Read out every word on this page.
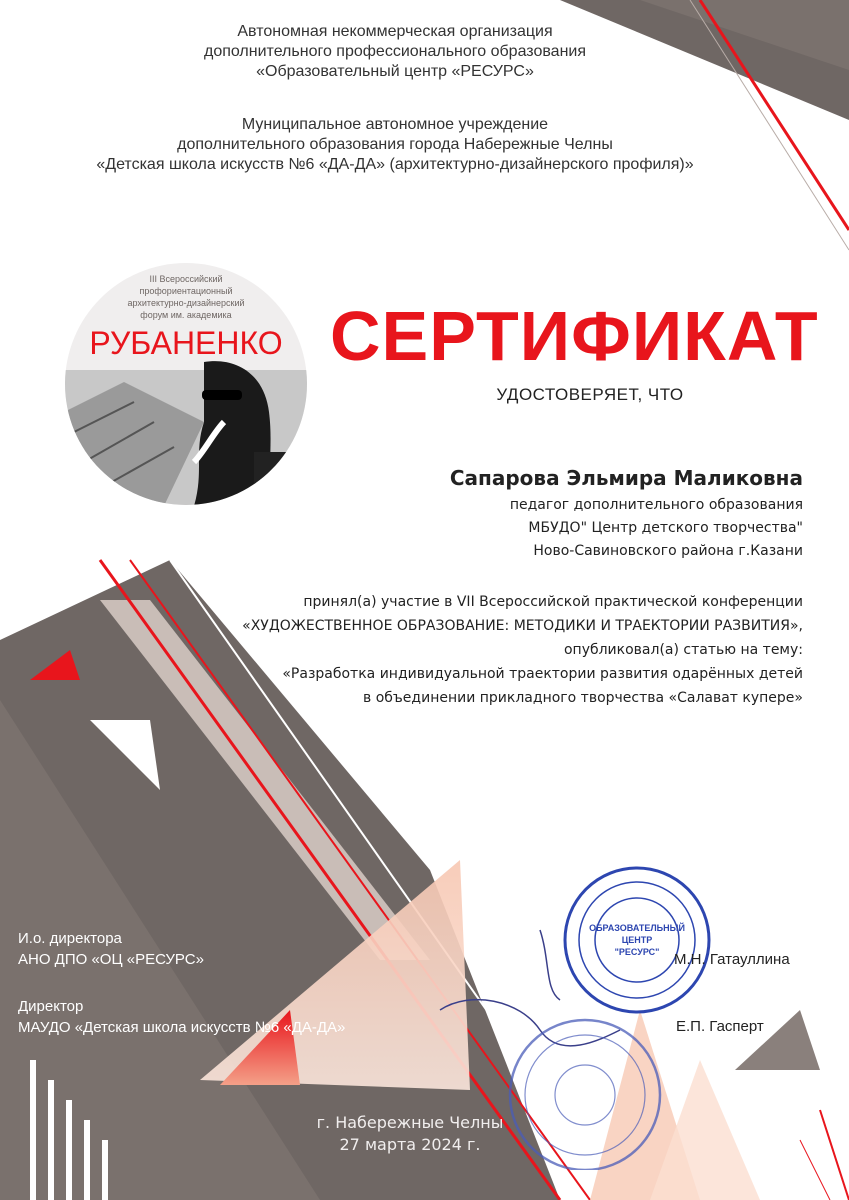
Автономная некоммерческая организация
дополнительного профессионального образования
«Образовательный центр «РЕСУРС»
Муниципальное автономное учреждение
дополнительного образования города Набережные Челны
«Детская школа искусств №6 «ДА-ДА» (архитектурно-дизайнерского профиля)»
III Всероссийский
профориентационный
архитектурно-дизайнерский
форум им. академика
РУБАНЕНКО СЕРТИФИКАТ
УДОСТОВЕРЯЕТ, ЧТО
Сапарова Эльмира Маликовна
педагог дополнительного образования
МБУДО" Центр детского творчества"
Ново-Савиновского района г.Казани
принял(а) участие в VII Всероссийской практической конференции
«ХУДОЖЕСТВЕННОЕ ОБРАЗОВАНИЕ: МЕТОДИКИ И ТРАЕКТОРИИ РАЗВИТИЯ»,
опубликовал(а) статью на тему:
«Разработка индивидуальной траектории развития одарённых детей
в объединении прикладного творчества «Салават купере»
ОБРАЗОВАТЕЛЬНЫЙ
ЦЕНТР
"РЕСУРС"
И.о. директора
АНО ДПО «ОЦ «РЕСУРС»	М.Н. Гатауллина
Директор
МАУДО «Детская школа искусств №6 «ДА-ДА»	Е.П. Гасперт
г. Набережные Челны
27 марта 2024 г.
